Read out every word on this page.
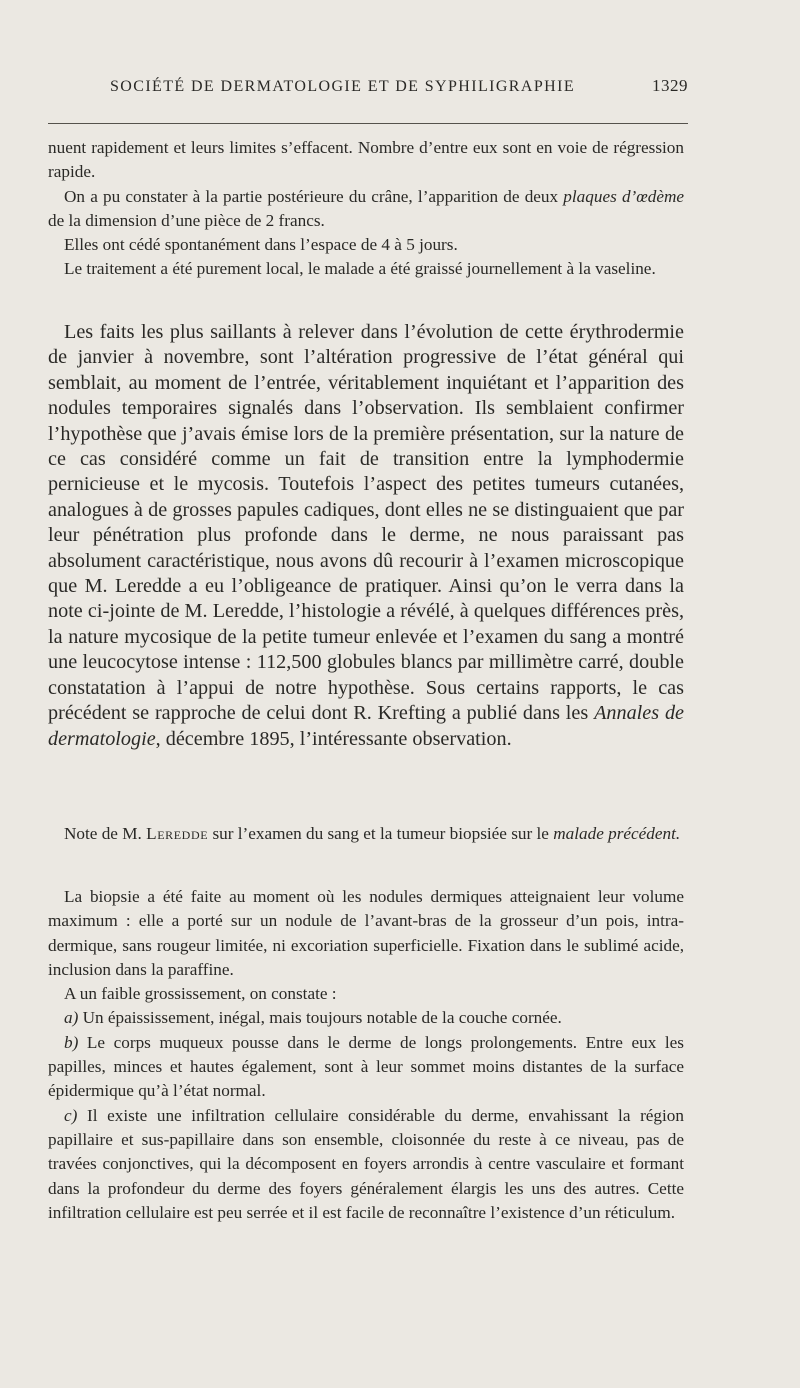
SOCIÉTÉ DE DERMATOLOGIE ET DE SYPHILIGRAPHIE	1329

nuent rapidement et leurs limites s’effacent. Nombre d’entre eux sont en voie de régression rapide.

On a pu constater à la partie postérieure du crâne, l’apparition de deux plaques d’œdème de la dimension d’une pièce de 2 francs.

Elles ont cédé spontanément dans l’espace de 4 à 5 jours.

Le traitement a été purement local, le malade a été graissé journellement à la vaseline.

Les faits les plus saillants à relever dans l’évolution de cette érythrodermie de janvier à novembre, sont l’altération progressive de l’état général qui semblait, au moment de l’entrée, véritablement inquiétant et l’apparition des nodules temporaires signalés dans l’observation. Ils semblaient confirmer l’hypothèse que j’avais émise lors de la première présentation, sur la nature de ce cas considéré comme un fait de transition entre la lymphodermie pernicieuse et le mycosis. Toutefois l’aspect des petites tumeurs cutanées, analogues à de grosses papules cadiques, dont elles ne se distinguaient que par leur pénétration plus profonde dans le derme, ne nous paraissant pas absolument caractéristique, nous avons dû recourir à l’examen microscopique que M. Leredde a eu l’obligeance de pratiquer. Ainsi qu’on le verra dans la note ci-jointe de M. Leredde, l’histologie a révélé, à quelques différences près, la nature mycosique de la petite tumeur enlevée et l’examen du sang a montré une leucocytose intense : 112,500 globules blancs par millimètre carré, double constatation à l’appui de notre hypothèse. Sous certains rapports, le cas précédent se rapproche de celui dont R. Krefting a publié dans les Annales de dermatologie, décembre 1895, l’intéressante observation.

Note de M. Leredde sur l’examen du sang et la tumeur biopsiée sur le malade précédent.

La biopsie a été faite au moment où les nodules dermiques atteignaient leur volume maximum : elle a porté sur un nodule de l’avant-bras de la grosseur d’un pois, intra-dermique, sans rougeur limitée, ni excoriation superficielle. Fixation dans le sublimé acide, inclusion dans la paraffine.

A un faible grossissement, on constate :

a) Un épaississement, inégal, mais toujours notable de la couche cornée.

b) Le corps muqueux pousse dans le derme de longs prolongements. Entre eux les papilles, minces et hautes également, sont à leur sommet moins distantes de la surface épidermique qu’à l’état normal.

c) Il existe une infiltration cellulaire considérable du derme, envahissant la région papillaire et sus-papillaire dans son ensemble, cloisonnée du reste à ce niveau, pas de travées conjonctives, qui la décomposent en foyers arrondis à centre vasculaire et formant dans la profondeur du derme des foyers généralement élargis les uns des autres. Cette infiltration cellulaire est peu serrée et il est facile de reconnaître l’existence d’un réticulum.
